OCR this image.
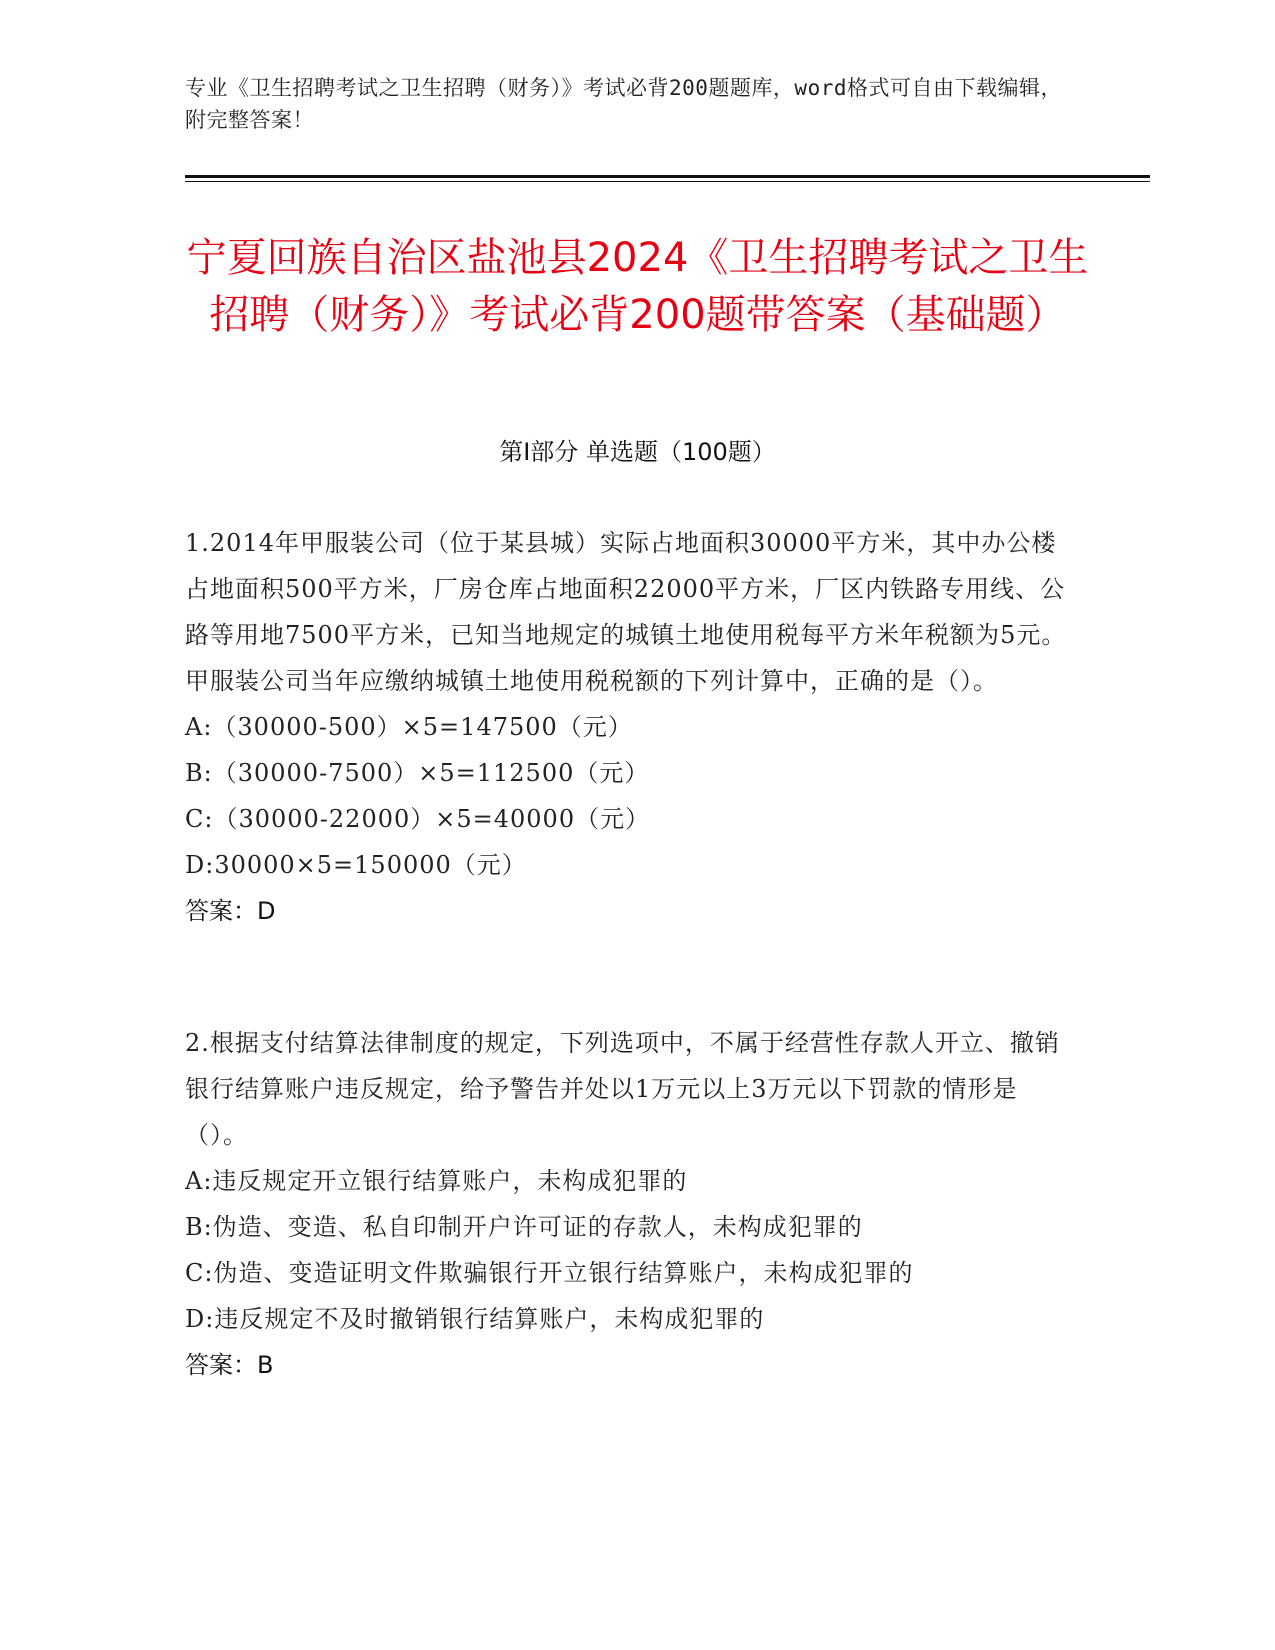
专业《卫生招聘考试之卫生招聘（财务）》考试必背200题题库，word格式可自由下载编辑，附完整答案！
宁夏回族自治区盐池县2024《卫生招聘考试之卫生招聘（财务）》考试必背200题带答案（基础题）
第Ⅰ部分 单选题（100题）
1.2014年甲服装公司（位于某县城）实际占地面积30000平方米，其中办公楼占地面积500平方米，厂房仓库占地面积22000平方米，厂区内铁路专用线、公路等用地7500平方米，已知当地规定的城镇土地使用税每平方米年税额为5元。甲服装公司当年应缴纳城镇土地使用税税额的下列计算中，正确的是（）。
A:（30000-500）×5=147500（元）
B:（30000-7500）×5=112500（元）
C:（30000-22000）×5=40000（元）
D:30000×5=150000（元）
答案：D
2.根据支付结算法律制度的规定，下列选项中，不属于经营性存款人开立、撤销银行结算账户违反规定，给予警告并处以1万元以上3万元以下罚款的情形是（）。
A:违反规定开立银行结算账户，未构成犯罪的
B:伪造、变造、私自印制开户许可证的存款人，未构成犯罪的
C:伪造、变造证明文件欺骗银行开立银行结算账户，未构成犯罪的
D:违反规定不及时撤销银行结算账户，未构成犯罪的
答案：B
